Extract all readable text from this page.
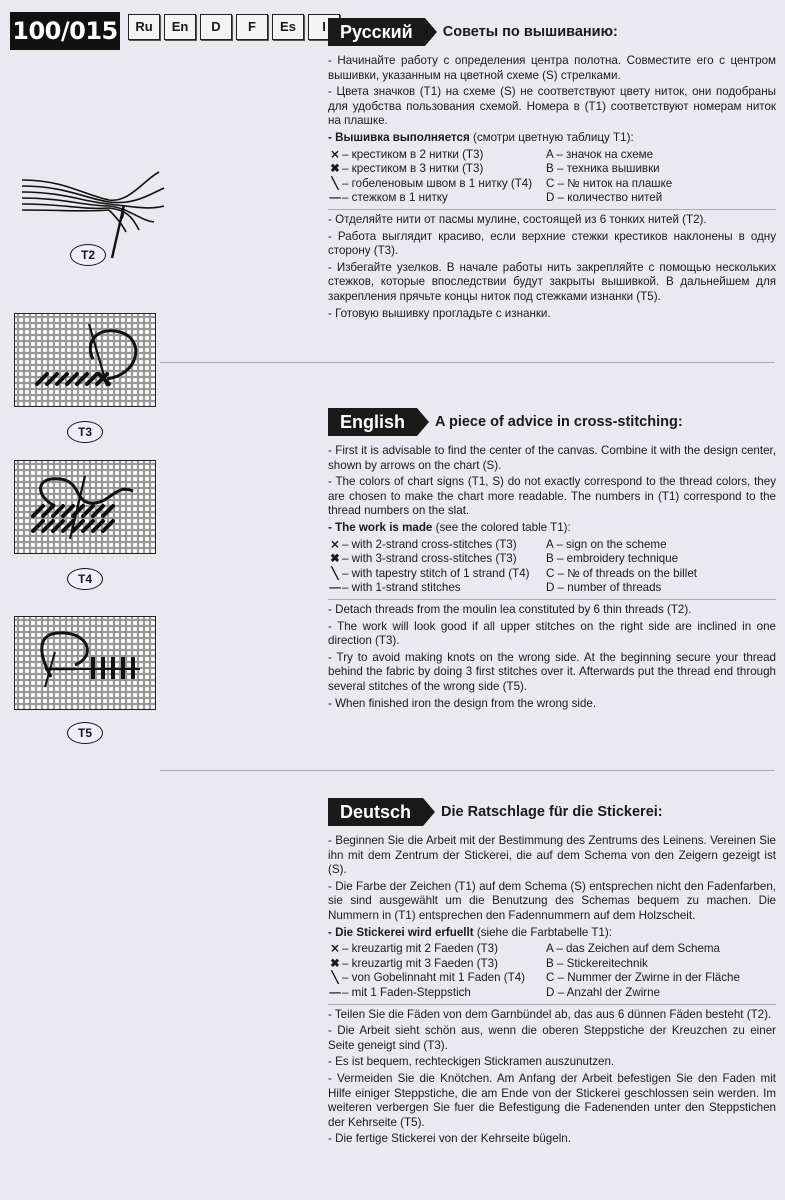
100/015	Ru	En	D	F	Es	I
T2
T3
T4
T5

Русский	Советы по вышиванию:

- Начинайте работу с определения центра полотна. Совместите его с центром вышивки, указанным на цветной схеме (S) стрелками.

- Цвета значков (T1) на схеме (S) не соответствуют цвету ниток, они подобраны для удобства пользования схемой. Номера в (T1) соответствуют номерам ниток на плашке.

- Вышивка выполняется (смотри цветную таблицу T1):

⨯ – крестиком в 2 нитки (T3)	A – значок на схеме
✖ – крестиком в 3 нитки (T3)	B – техника вышивки
╲ – гобеленовым швом в 1 нитку (T4)	C – № ниток на плашке
—– стежком в 1 нитку	D – количество нитей

- Отделяйте нити от пасмы мулине, состоящей из 6 тонких нитей (T2).

- Работа выглядит красиво, если верхние стежки крестиков наклонены в одну сторону (T3).

- Избегайте узелков. В начале работы нить закрепляйте с помощью нескольких стежков, которые впоследствии будут закрыты вышивкой. В дальнейшем для закрепления прячьте концы ниток под стежками изнанки (T5).

- Готовую вышивку прогладьте с изнанки.

English	A piece of advice in cross-stitching:

- First it is advisable to find the center of the canvas. Combine it with the design center, shown by arrows on the chart (S).

- The colors of chart signs (T1, S) do not exactly correspond to the thread colors, they are chosen to make the chart more readable. The numbers in (T1) correspond to the thread numbers on the slat.

- The work is made (see the colored table T1):

⨯ – with 2-strand cross-stitches (T3)	A – sign on the scheme
✖ – with 3-strand cross-stitches (T3)	B – embroidery technique
╲ – with tapestry stitch of 1 strand (T4)	C – № of threads on the billet
—– with 1-strand stitches	D – number of threads

- Detach threads from the moulin lea constituted by 6 thin threads (T2).

- The work will look good if all upper stitches on the right side are inclined in one direction (T3).

- Try to avoid making knots on the wrong side. At the beginning secure your thread behind the fabric by doing 3 first stitches over it. Afterwards put the thread end through several stitches of the wrong side (T5).

- When finished iron the design from the wrong side.

Deutsch	Die Ratschlage für die Stickerei:

- Beginnen Sie die Arbeit mit der Bestimmung des Zentrums des Leinens. Vereinen Sie ihn mit dem Zentrum der Stickerei, die auf dem Schema von den Zeigern gezeigt ist (S).

- Die Farbe der Zeichen (T1) auf dem Schema (S) entsprechen nicht den Fadenfarben, sie sind ausgewählt um die Benutzung des Schemas bequem zu machen. Die Nummern in (T1) entsprechen den Fadennummern auf dem Holzscheit.

- Die Stickerei wird erfuellt (siehe die Farbtabelle T1):

⨯ – kreuzartig mit 2 Faeden (T3)	A – das Zeichen auf dem Schema
✖ – kreuzartig mit 3 Faeden (T3)	B – Stickereitechnik
╲ – von Gobelinnaht mit 1 Faden (T4)	C – Nummer der Zwirne in der Fläche
—– mit 1 Faden-Steppstich	D – Anzahl der Zwirne

- Teilen Sie die Fäden von dem Garnbündel ab, das aus 6 dünnen Fäden besteht (T2).

- Die Arbeit sieht schön aus, wenn die oberen Steppstiche der Kreuzchen zu einer Seite geneigt sind (T3).

- Es ist bequem, rechteckigen Stickramen auszunutzen.

- Vermeiden Sie die Knötchen. Am Anfang der Arbeit befestigen Sie den Faden mit Hilfe einiger Steppstiche, die am Ende von der Stickerei geschlossen sein werden. Im weiteren verbergen Sie fuer die Befestigung die Fadenenden unter den Steppstichen der Kehrseite (T5).

- Die fertige Stickerei von der Kehrseite bügeln.
